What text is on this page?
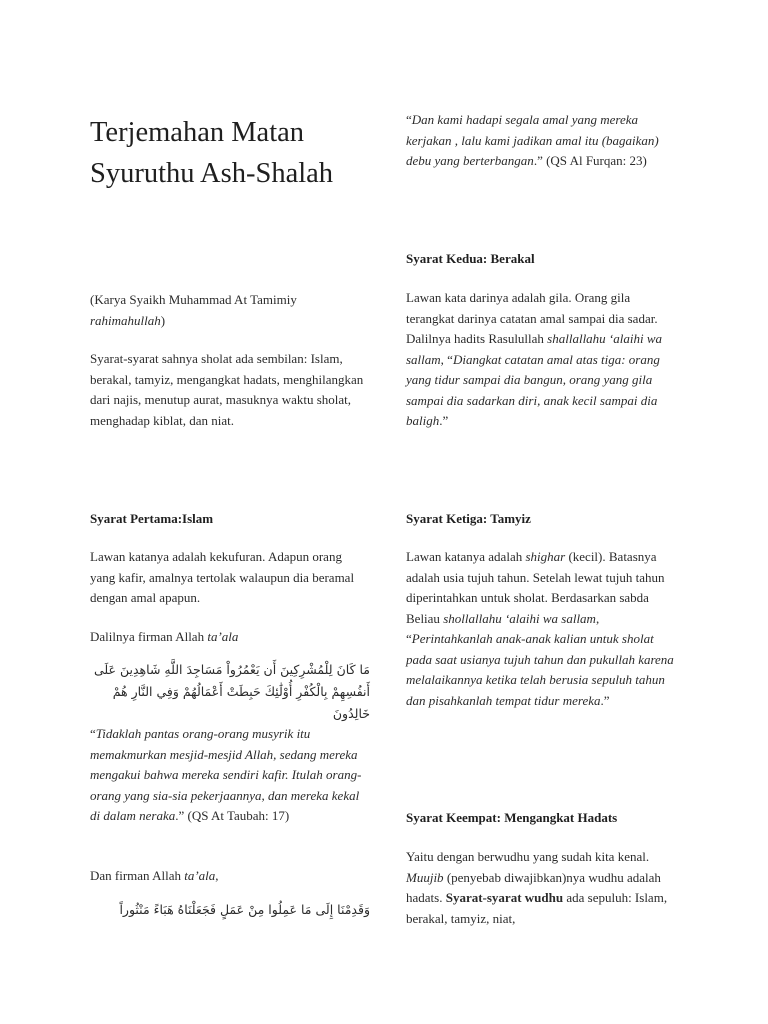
Terjemahan Matan Syuruthu Ash-Shalah

(Karya Syaikh Muhammad At Tamimiy rahimahullah)

Syarat-syarat sahnya sholat ada sembilan: Islam, berakal, tamyiz, mengangkat hadats, menghilangkan dari najis, menutup aurat, masuknya waktu sholat, menghadap kiblat, dan niat.

Syarat Pertama:Islam

Lawan katanya adalah kekufuran. Adapun orang yang kafir, amalnya tertolak walaupun dia beramal dengan amal apapun.

Dalilnya firman Allah ta’ala

مَا كَانَ لِلْمُشْرِكِينَ أَن يَعْمُرُواْ مَسَاجِدَ اللَّهِ شَاهِدِينَ عَلَى أَنفُسِهِمْ بِالْكُفْرِ أُوْلَٰئِكَ حَبِطَتْ أَعْمَالُهُمْ وَفِي النَّارِ هُمْ خَالِدُونَ

“Tidaklah pantas orang-orang musyrik itu memakmurkan mesjid-mesjid Allah, sedang mereka mengakui bahwa mereka sendiri kafir. Itulah orang-orang yang sia-sia pekerjaannya, dan mereka kekal di dalam neraka.” (QS At Taubah: 17)

Dan firman Allah ta’ala,

وَقَدِمْنَا إِلَى مَا عَمِلُوا مِنْ عَمَلٍ فَجَعَلْنَاهُ هَبَاءً مَنْثُوراً

“Dan kami hadapi segala amal yang mereka kerjakan , lalu kami jadikan amal itu (bagaikan) debu yang berterbangan.” (QS Al Furqan: 23)

Syarat Kedua: Berakal

Lawan kata darinya adalah gila. Orang gila terangkat darinya catatan amal sampai dia sadar. Dalilnya hadits Rasulullah shallallahu ‘alaihi wa sallam, “Diangkat catatan amal atas tiga: orang yang tidur sampai dia bangun, orang yang gila sampai dia sadarkan diri, anak kecil sampai dia baligh.”

Syarat Ketiga: Tamyiz

Lawan katanya adalah shighar (kecil). Batasnya adalah usia tujuh tahun. Setelah lewat tujuh tahun diperintahkan untuk sholat. Berdasarkan sabda Beliau shollallahu ‘alaihi wa sallam, “Perintahkanlah anak-anak kalian untuk sholat pada saat usianya tujuh tahun dan pukullah karena melalaikannya ketika telah berusia sepuluh tahun dan pisahkanlah tempat tidur mereka.”

Syarat Keempat: Mengangkat Hadats

Yaitu dengan berwudhu yang sudah kita kenal. Muujib (penyebab diwajibkan)nya wudhu adalah hadats. Syarat-syarat wudhu ada sepuluh: Islam, berakal, tamyiz, niat,
